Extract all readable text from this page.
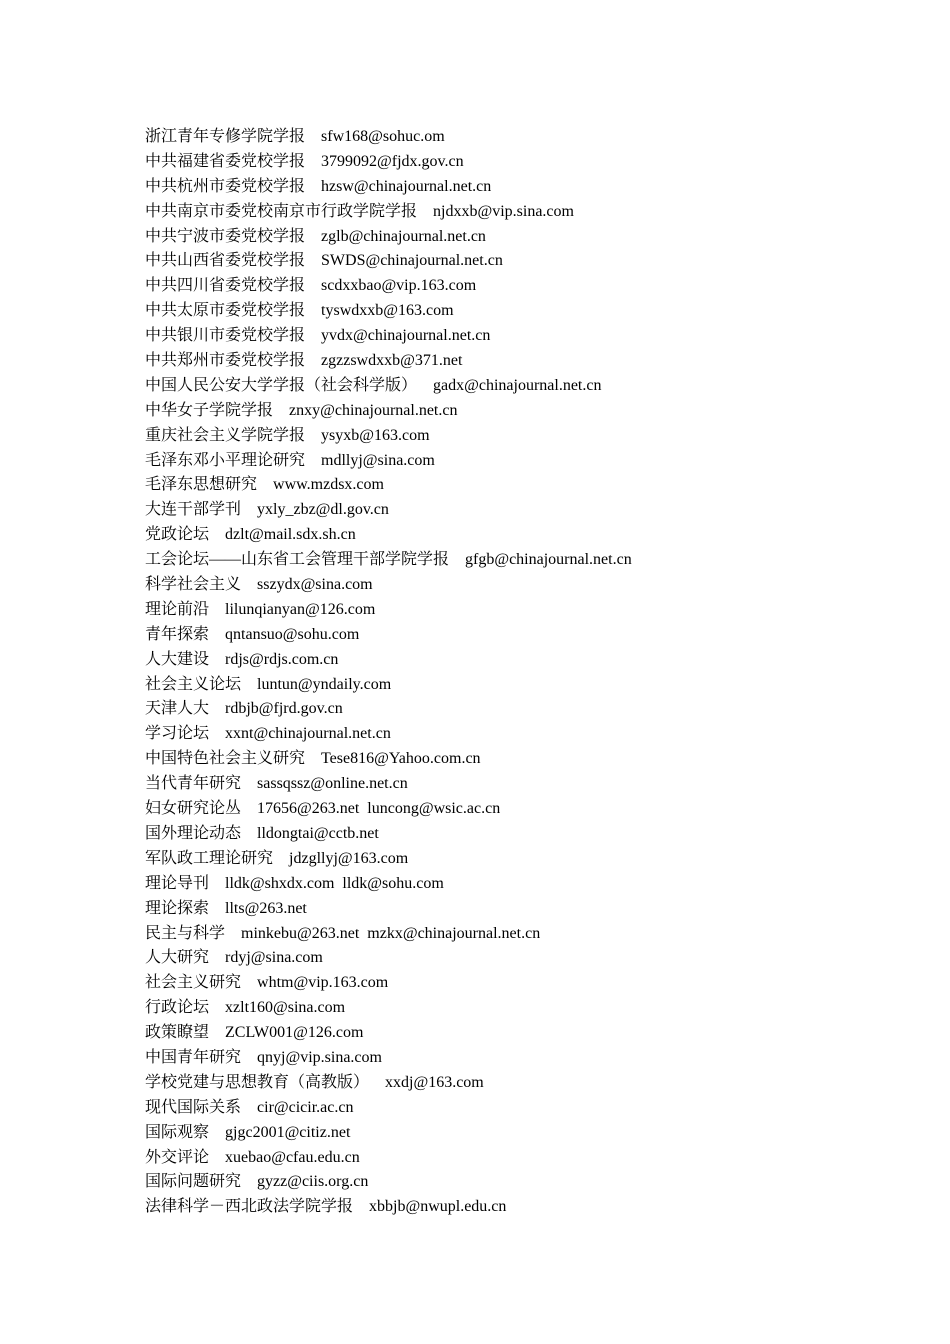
浙江青年专修学院学报 sfw168@sohuc.om
中共福建省委党校学报 3799092@fjdx.gov.cn
中共杭州市委党校学报 hzsw@chinajournal.net.cn
中共南京市委党校南京市行政学院学报 njdxxb@vip.sina.com
中共宁波市委党校学报 zglb@chinajournal.net.cn
中共山西省委党校学报 SWDS@chinajournal.net.cn
中共四川省委党校学报 scdxxbao@vip.163.com
中共太原市委党校学报 tyswdxxb@163.com
中共银川市委党校学报 yvdx@chinajournal.net.cn
中共郑州市委党校学报 zgzzswdxxb@371.net
中国人民公安大学学报（社会科学版） gadx@chinajournal.net.cn
中华女子学院学报 znxy@chinajournal.net.cn
重庆社会主义学院学报 ysyxb@163.com
毛泽东邓小平理论研究 mdllyj@sina.com
毛泽东思想研究 www.mzdsx.com
大连干部学刊 yxly_zbz@dl.gov.cn
党政论坛 dzlt@mail.sdx.sh.cn
工会论坛——山东省工会管理干部学院学报 gfgb@chinajournal.net.cn
科学社会主义 sszydx@sina.com
理论前沿 lilunqianyan@126.com
青年探索 qntansuo@sohu.com
人大建设 rdjs@rdjs.com.cn
社会主义论坛 luntun@yndaily.com
天津人大 rdbjb@fjrd.gov.cn
学习论坛 xxnt@chinajournal.net.cn
中国特色社会主义研究 Tese816@Yahoo.com.cn
当代青年研究 sassqssz@online.net.cn
妇女研究论丛 17656@263.net  luncong@wsic.ac.cn
国外理论动态 lldongtai@cctb.net
军队政工理论研究 jdzgllyj@163.com
理论导刊 lldk@shxdx.com  lldk@sohu.com
理论探索 llts@263.net
民主与科学 minkebu@263.net  mzkx@chinajournal.net.cn
人大研究 rdyj@sina.com
社会主义研究 whtm@vip.163.com
行政论坛 xzlt160@sina.com
政策瞭望 ZCLW001@126.com
中国青年研究 qnyj@vip.sina.com
学校党建与思想教育（高教版） xxdj@163.com
现代国际关系 cir@cicir.ac.cn
国际观察 gjgc2001@citiz.net
外交评论 xuebao@cfau.edu.cn
国际问题研究 gyzz@ciis.org.cn
法律科学－西北政法学院学报 xbbjb@nwupl.edu.cn
